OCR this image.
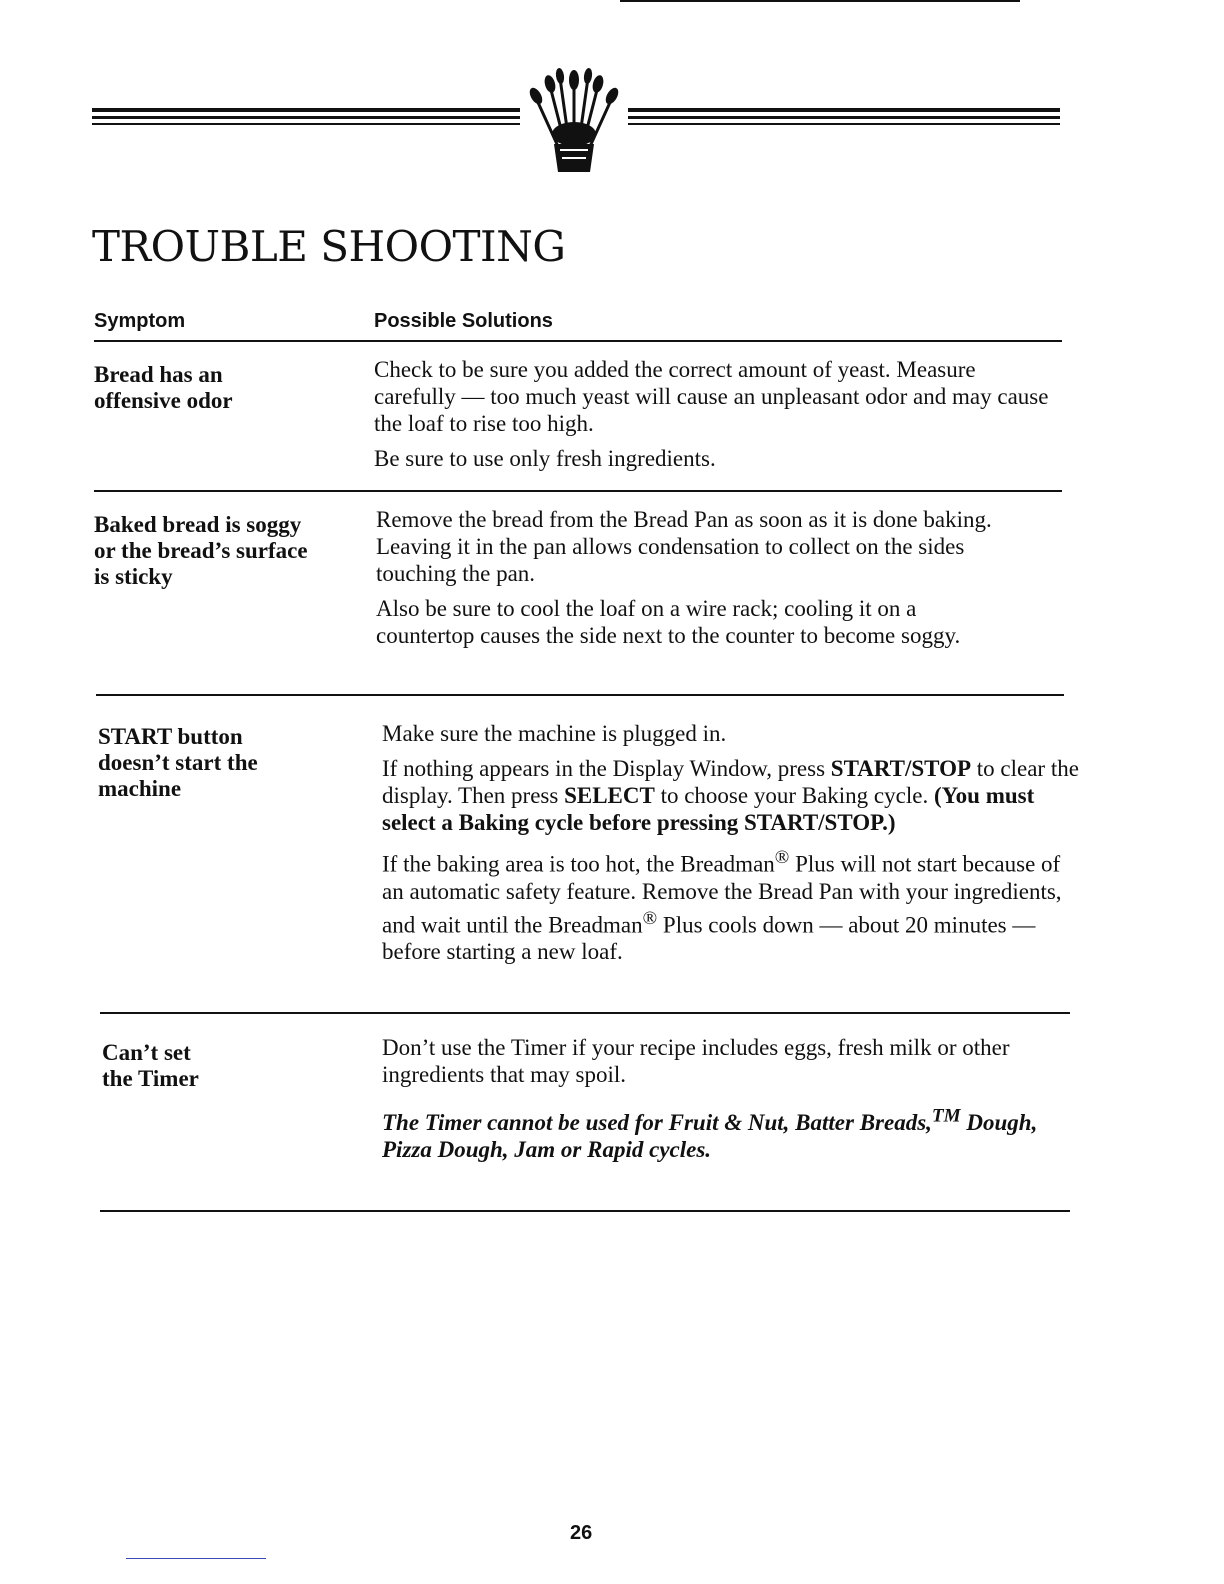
TROUBLE SHOOTING
Symptom	Possible Solutions
Bread has an
offensive odor

Check to be sure you added the correct amount of yeast. Measure carefully — too much yeast will cause an unpleasant odor and may cause the loaf to rise too high.

Be sure to use only fresh ingredients.

Baked bread is soggy
or the bread’s surface
is sticky

Remove the bread from the Bread Pan as soon as it is done baking. Leaving it in the pan allows condensation to collect on the sides touching the pan.

Also be sure to cool the loaf on a wire rack; cooling it on a countertop causes the side next to the counter to become soggy.

START button
doesn’t start the
machine

Make sure the machine is plugged in.

If nothing appears in the Display Window, press START/STOP to clear the display. Then press SELECT to choose your Baking cycle. (You must select a Baking cycle before pressing START/STOP.)

If the baking area is too hot, the Breadman® Plus will not start because of an automatic safety feature. Remove the Bread Pan with your ingredients, and wait until the Breadman® Plus cools down — about 20 minutes — before starting a new loaf.

Can’t set
the Timer

Don’t use the Timer if your recipe includes eggs, fresh milk or other ingredients that may spoil.

The Timer cannot be used for Fruit & Nut, Batter Breads,™ Dough, Pizza Dough, Jam or Rapid cycles.

26
